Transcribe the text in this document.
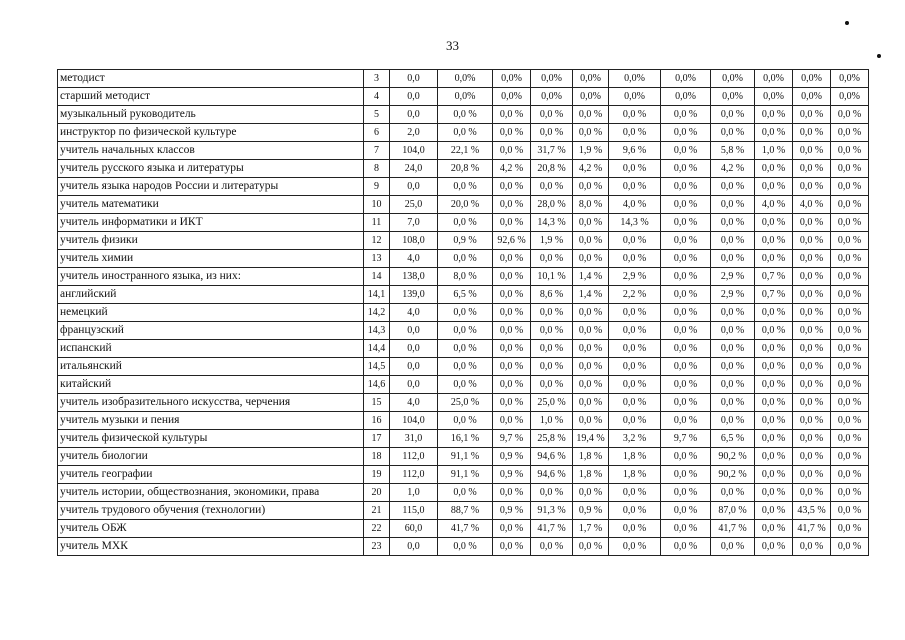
33
методист	3	0,0	0,0%	0,0%	0,0%	0,0%	0,0%	0,0%	0,0%	0,0%	0,0%	0,0%
старший методист	4	0,0	0,0%	0,0%	0,0%	0,0%	0,0%	0,0%	0,0%	0,0%	0,0%	0,0%
музыкальный руководитель	5	0,0	0,0 %	0,0 %	0,0 %	0,0 %	0,0 %	0,0 %	0,0 %	0,0 %	0,0 %	0,0 %
инструктор по физической культуре	6	2,0	0,0 %	0,0 %	0,0 %	0,0 %	0,0 %	0,0 %	0,0 %	0,0 %	0,0 %	0,0 %
учитель начальных классов	7	104,0	22,1 %	0,0 %	31,7 %	1,9 %	9,6 %	0,0 %	5,8 %	1,0 %	0,0 %	0,0 %
учитель русского языка и литературы	8	24,0	20,8 %	4,2 %	20,8 %	4,2 %	0,0 %	0,0 %	4,2 %	0,0 %	0,0 %	0,0 %
учитель языка народов России и литературы	9	0,0	0,0 %	0,0 %	0,0 %	0,0 %	0,0 %	0,0 %	0,0 %	0,0 %	0,0 %	0,0 %
учитель математики	10	25,0	20,0 %	0,0 %	28,0 %	8,0 %	4,0 %	0,0 %	0,0 %	4,0 %	4,0 %	0,0 %
учитель информатики и ИКТ	11	7,0	0,0 %	0,0 %	14,3 %	0,0 %	14,3 %	0,0 %	0,0 %	0,0 %	0,0 %	0,0 %
учитель физики	12	108,0	0,9 %	92,6 %	1,9 %	0,0 %	0,0 %	0,0 %	0,0 %	0,0 %	0,0 %	0,0 %
учитель химии	13	4,0	0,0 %	0,0 %	0,0 %	0,0 %	0,0 %	0,0 %	0,0 %	0,0 %	0,0 %	0,0 %
учитель иностранного языка, из них:	14	138,0	8,0 %	0,0 %	10,1 %	1,4 %	2,9 %	0,0 %	2,9 %	0,7 %	0,0 %	0,0 %
английский	14,1	139,0	6,5 %	0,0 %	8,6 %	1,4 %	2,2 %	0,0 %	2,9 %	0,7 %	0,0 %	0,0 %
немецкий	14,2	4,0	0,0 %	0,0 %	0,0 %	0,0 %	0,0 %	0,0 %	0,0 %	0,0 %	0,0 %	0,0 %
французский	14,3	0,0	0,0 %	0,0 %	0,0 %	0,0 %	0,0 %	0,0 %	0,0 %	0,0 %	0,0 %	0,0 %
испанский	14,4	0,0	0,0 %	0,0 %	0,0 %	0,0 %	0,0 %	0,0 %	0,0 %	0,0 %	0,0 %	0,0 %
итальянский	14,5	0,0	0,0 %	0,0 %	0,0 %	0,0 %	0,0 %	0,0 %	0,0 %	0,0 %	0,0 %	0,0 %
китайский	14,6	0,0	0,0 %	0,0 %	0,0 %	0,0 %	0,0 %	0,0 %	0,0 %	0,0 %	0,0 %	0,0 %
учитель изобразительного искусства, черчения	15	4,0	25,0 %	0,0 %	25,0 %	0,0 %	0,0 %	0,0 %	0,0 %	0,0 %	0,0 %	0,0 %
учитель музыки и пения	16	104,0	0,0 %	0,0 %	1,0 %	0,0 %	0,0 %	0,0 %	0,0 %	0,0 %	0,0 %	0,0 %
учитель физической культуры	17	31,0	16,1 %	9,7 %	25,8 %	19,4 %	3,2 %	9,7 %	6,5 %	0,0 %	0,0 %	0,0 %
учитель биологии	18	112,0	91,1 %	0,9 %	94,6 %	1,8 %	1,8 %	0,0 %	90,2 %	0,0 %	0,0 %	0,0 %
учитель географии	19	112,0	91,1 %	0,9 %	94,6 %	1,8 %	1,8 %	0,0 %	90,2 %	0,0 %	0,0 %	0,0 %
учитель истории, обществознания, экономики, права	20	1,0	0,0 %	0,0 %	0,0 %	0,0 %	0,0 %	0,0 %	0,0 %	0,0 %	0,0 %	0,0 %
учитель трудового обучения (технологии)	21	115,0	88,7 %	0,9 %	91,3 %	0,9 %	0,0 %	0,0 %	87,0 %	0,0 %	43,5 %	0,0 %
учитель ОБЖ	22	60,0	41,7 %	0,0 %	41,7 %	1,7 %	0,0 %	0,0 %	41,7 %	0,0 %	41,7 %	0,0 %
учитель МХК	23	0,0	0,0 %	0,0 %	0,0 %	0,0 %	0,0 %	0,0 %	0,0 %	0,0 %	0,0 %	0,0 %
